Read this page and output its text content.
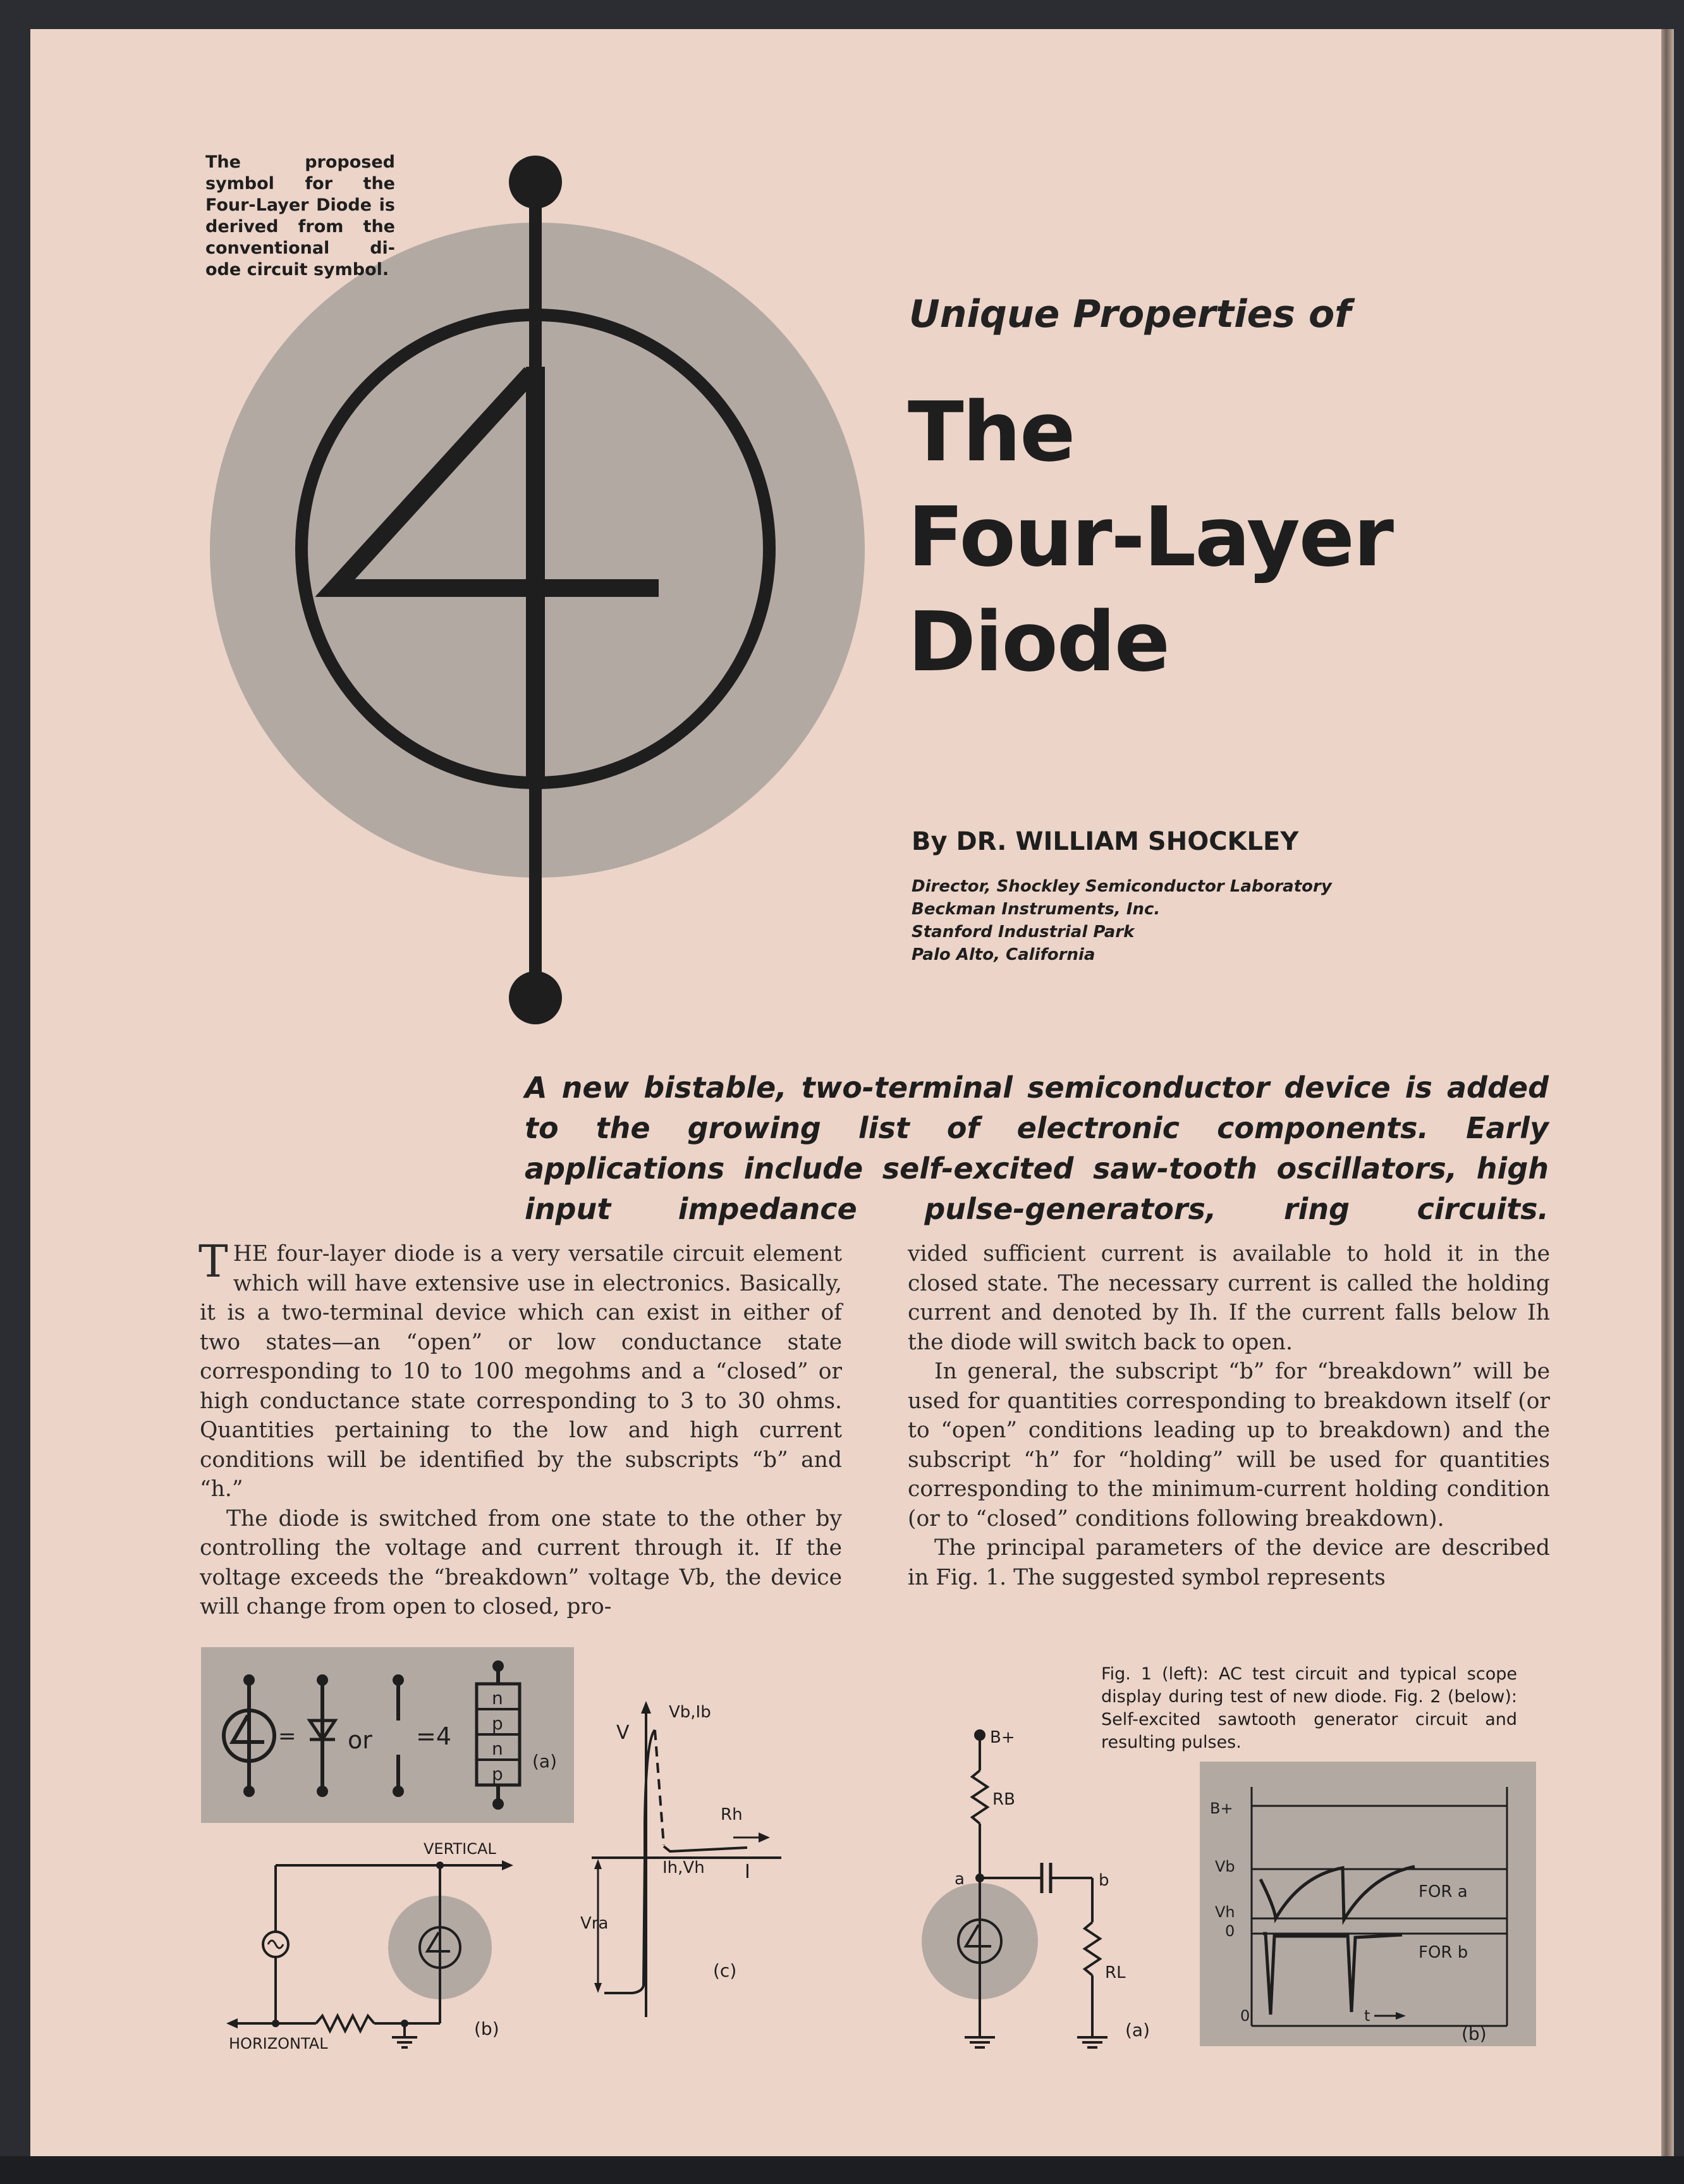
The proposed symbol for the Four-Layer Diode is derived from the conventional di-ode circuit symbol.
Unique Properties of
The
Four-Layer
Diode
By DR. WILLIAM SHOCKLEY
Director, Shockley Semiconductor Laboratory
Beckman Instruments, Inc.
Stanford Industrial Park
Palo Alto, California
A new bistable, two-terminal semiconductor device is added to the growing list of electronic components. Early applications include self-excited saw-tooth oscillators, high input impedance pulse-generators, ring circuits.

THE four-layer diode is a very versatile circuit element which will have extensive use in electronics. Basically, it is a two-terminal device which can exist in either of two states—an “open” or low conductance state corresponding to 10 to 100 megohms and a “closed” or high conductance state corresponding to 3 to 30 ohms. Quantities pertaining to the low and high current conditions will be identified by the subscripts “b” and “h.”

The diode is switched from one state to the other by controlling the voltage and current through it. If the voltage exceeds the “breakdown” voltage Vb, the device will change from open to closed, pro-

vided sufficient current is available to hold it in the closed state. The necessary current is called the holding current and denoted by Ih. If the current falls below Ih the diode will switch back to open.

In general, the subscript “b” for “breakdown” will be used for quantities corresponding to breakdown itself (or to “open” conditions leading up to breakdown) and the subscript “h” for “holding” will be used for quantities corresponding to the minimum-current holding condition (or to “closed” conditions following breakdown).

The principal parameters of the device are described in Fig. 1. The suggested symbol represents

Fig. 1 (left): AC test circuit and typical scope display during test of new diode. Fig. 2 (below): Self-excited sawtooth generator circuit and resulting pulses.
= or =4
n
p
n
p
(a)
VERTICAL
HORIZONTAL
(b)
V
I
Vb,Ib
Rh
Ih,Vh
Vra
(c)
B+
RB
a	b
RL
(a)
B+
Vb
Vh
0
FOR a
FOR b
0	t
(b)
